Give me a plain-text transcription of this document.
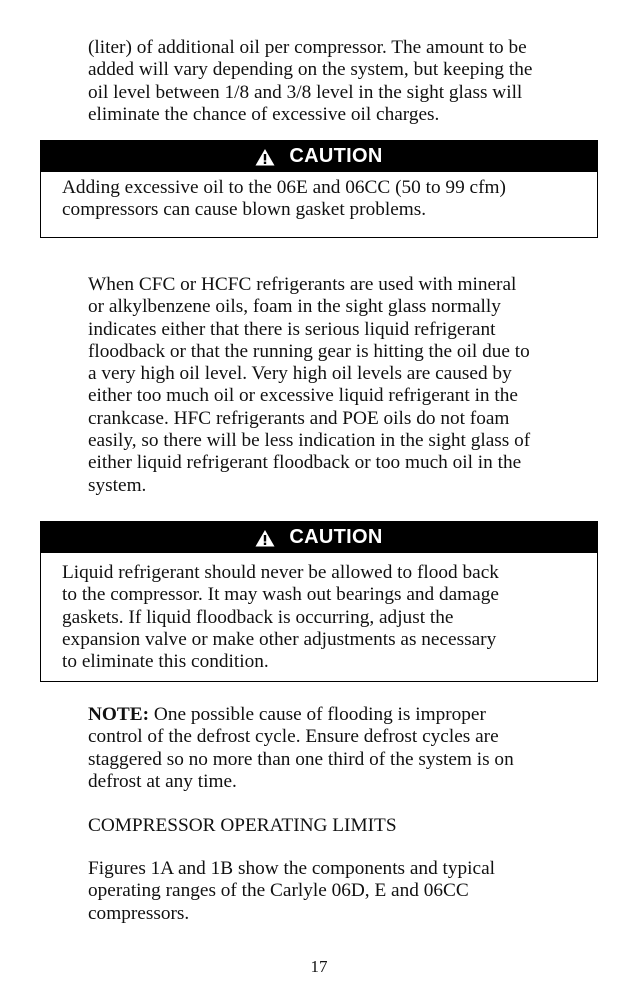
(liter) of additional oil per compressor. The amount to be
added will vary depending on the system, but keeping the
oil level between 1/8 and 3/8 level in the sight glass will
eliminate the chance of excessive oil charges.

CAUTION
Adding excessive oil to the 06E and 06CC (50 to 99 cfm)
compressors can cause blown gasket problems.

When CFC or HCFC refrigerants are used with mineral
or alkylbenzene oils, foam in the sight glass normally
indicates either that there is serious liquid refrigerant
floodback or that the running gear is hitting the oil due to
a very high oil level. Very high oil levels are caused by
either too much oil or excessive liquid refrigerant in the
crankcase. HFC refrigerants and POE oils do not foam
easily, so there will be less indication in the sight glass of
either liquid refrigerant floodback or too much oil in the
system.

CAUTION
Liquid refrigerant should never be allowed to flood back
to the compressor. It may wash out bearings and damage
gaskets. If liquid floodback is occurring, adjust the
expansion valve or make other adjustments as necessary
to eliminate this condition.

NOTE: One possible cause of flooding is improper
control of the defrost cycle. Ensure defrost cycles are
staggered so no more than one third of the system is on
defrost at any time.

COMPRESSOR OPERATING LIMITS

Figures 1A and 1B show the components and typical
operating ranges of the Carlyle 06D, E and 06CC
compressors.

17
